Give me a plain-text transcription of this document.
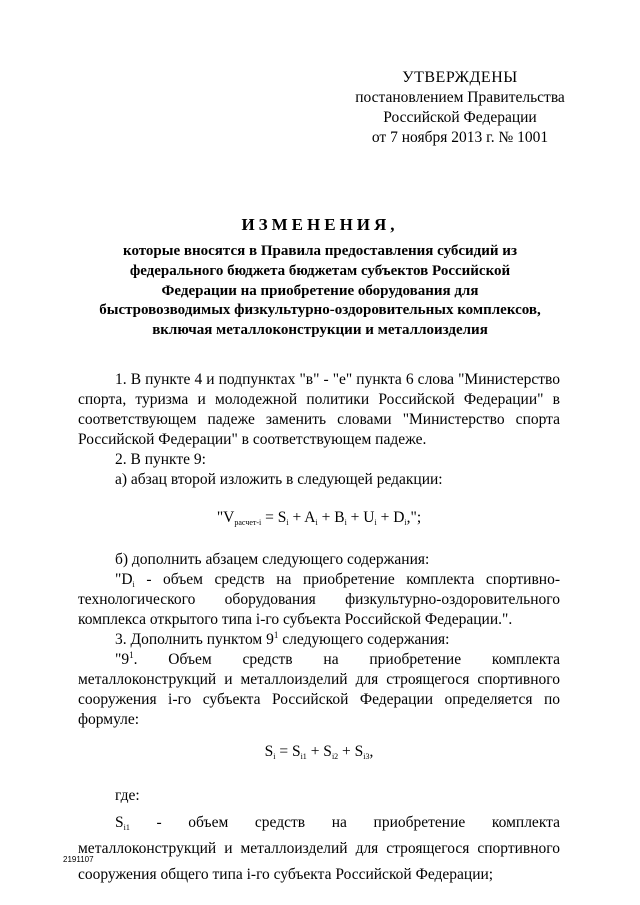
УТВЕРЖДЕНЫ
постановлением Правительства
Российской Федерации
от 7 ноября 2013 г. № 1001
ИЗМЕНЕНИЯ,
которые вносятся в Правила предоставления субсидий из федерального бюджета бюджетам субъектов Российской Федерации на приобретение оборудования для быстровозводимых физкультурно-оздоровительных комплексов, включая металлоконструкции и металлоизделия

1. В пункте 4 и подпунктах "в" - "е" пункта 6 слова "Министерство спорта, туризма и молодежной политики Российской Федерации" в соответствующем падеже заменить словами "Министерство спорта Российской Федерации" в соответствующем падеже.

2. В пункте 9:

а) абзац второй изложить в следующей редакции:

"$V_{расчет-i} = S_i + A_i + B_i + U_i + D_i$,";

б) дополнить абзацем следующего содержания:

"$D_i$ - объем средств на приобретение комплекта спортивно-технологического оборудования физкультурно-оздоровительного комплекса открытого типа i-го субъекта Российской Федерации.".

3. Дополнить пунктом $9^1$ следующего содержания:

"$9^1$. Объем средств на приобретение комплекта металлоконструкций и металлоизделий для строящегося спортивного сооружения i-го субъекта Российской Федерации определяется по формуле:

$S_i = S_{i1} + S_{i2} + S_{i3}$,

где:

$S_{i1}$ - объем средств на приобретение комплекта металлоконструкций и металлоизделий для строящегося спортивного сооружения общего типа i-го субъекта Российской Федерации;

2191107
